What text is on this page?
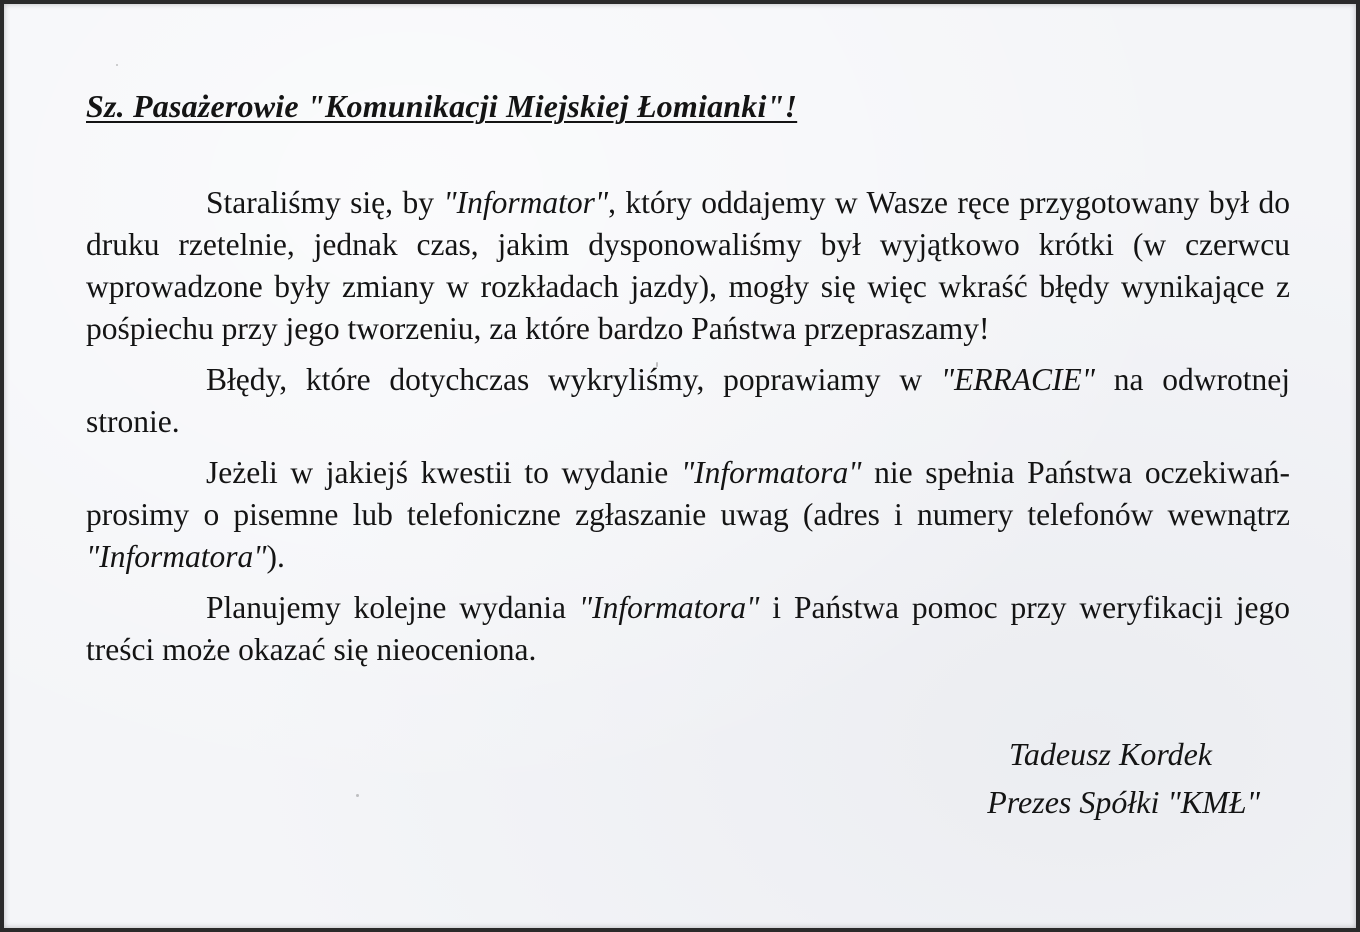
Sz. Pasażerowie "Komunikacji Miejskiej Łomianki"!

Staraliśmy się, by "Informator", który oddajemy w Wasze ręce przygotowany był do druku rzetelnie, jednak czas, jakim dysponowaliśmy był wyjątkowo krótki (w czerwcu wprowadzone były zmiany w rozkładach jazdy), mogły się więc wkraść błędy wynikające z pośpiechu przy jego tworzeniu, za które bardzo Państwa przepraszamy!

Błędy, które dotychczas wykryliśmy, poprawiamy w "ERRACIE" na odwrotnej stronie.

Jeżeli w jakiejś kwestii to wydanie "Informatora" nie spełnia Państwa oczekiwań-prosimy o pisemne lub telefoniczne zgłaszanie uwag (adres i numery telefonów wewnątrz "Informatora").

Planujemy kolejne wydania "Informatora" i Państwa pomoc przy weryfikacji jego treści może okazać się nieoceniona.

Tadeusz Kordek
Prezes Spółki "KMŁ"
